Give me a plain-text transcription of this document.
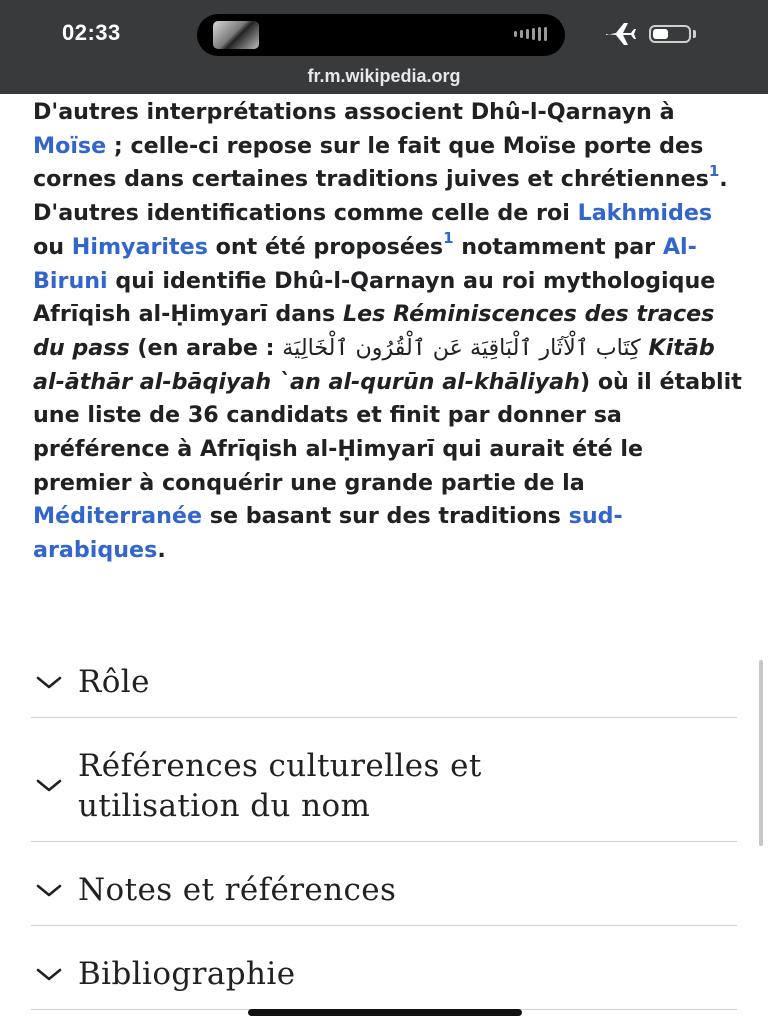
02:33
fr.m.wikipedia.org

D'autres interprétations associent Dhû-l-Qarnayn à Moïse ; celle-ci repose sur le fait que Moïse porte des cornes dans certaines traditions juives et chrétiennes$^1$. D'autres identifications comme celle de roi Lakhmides ou Himyarites ont été proposées$^1$ notamment par Al-Biruni qui identifie Dhû-l-Qarnayn au roi mythologique Afrīqish al-Ḥimyarī dans Les Réminiscences des traces du pass (en arabe : كِتَاب ٱلْآثَار ٱلْبَاقِيَة عَن ٱلْقُرُون ٱلْخَالِيَة Kitāb al-āthār al-bāqiyah `an al-qurūn al-khāliyah) où il établit une liste de 36 candidats et finit par donner sa préférence à Afrīqish al-Ḥimyarī qui aurait été le premier à conquérir une grande partie de la Méditerranée se basant sur des traditions sud-arabiques.

Rôle
Références culturelles et utilisation du nom
Notes et références
Bibliographie
